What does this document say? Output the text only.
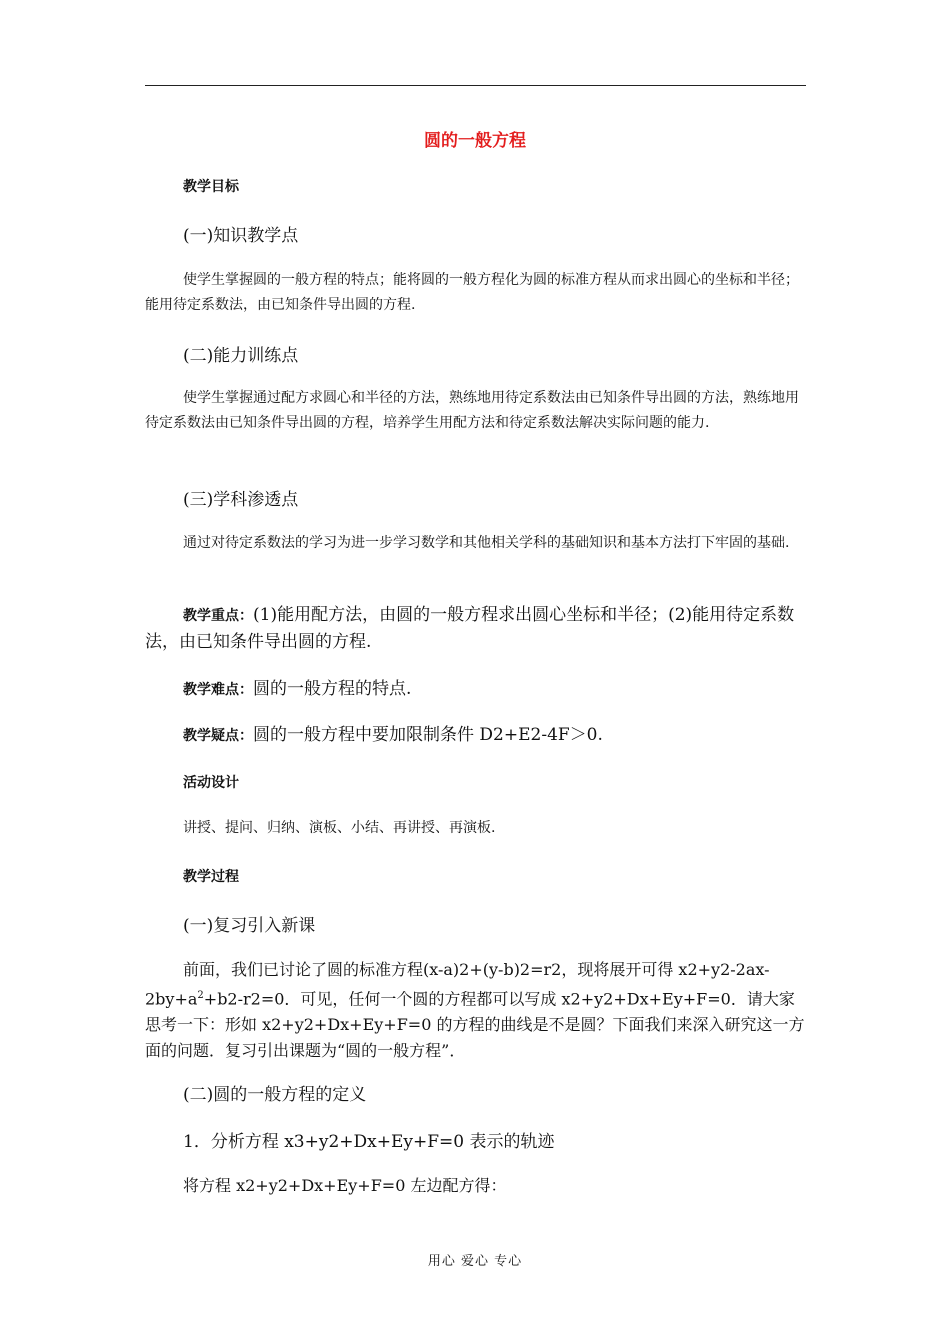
圆的一般方程
教学目标
(一)知识教学点
使学生掌握圆的一般方程的特点；能将圆的一般方程化为圆的标准方程从而求出圆心的坐标和半径；能用待定系数法，由已知条件导出圆的方程.
(二)能力训练点
使学生掌握通过配方求圆心和半径的方法，熟练地用待定系数法由已知条件导出圆的方法，熟练地用待定系数法由已知条件导出圆的方程，培养学生用配方法和待定系数法解决实际问题的能力.
(三)学科渗透点
通过对待定系数法的学习为进一步学习数学和其他相关学科的基础知识和基本方法打下牢固的基础.
教学重点：(1)能用配方法，由圆的一般方程求出圆心坐标和半径；(2)能用待定系数法，由已知条件导出圆的方程.
教学难点：圆的一般方程的特点.
教学疑点：圆的一般方程中要加限制条件 D2+E2-4F＞0.
活动设计
讲授、提问、归纳、演板、小结、再讲授、再演板.
教学过程
(一)复习引入新课
前面，我们已讨论了圆的标准方程(x-a)2+(y-b)2=r2，现将展开可得 $x2+y2-2ax-2by+a^2+b2-r2=0$．可见，任何一个圆的方程都可以写成 x2+y2+Dx+Ey+F=0．请大家思考一下：形如 x2+y2+Dx+Ey+F=0 的方程的曲线是不是圆？下面我们来深入研究这一方面的问题．复习引出课题为“圆的一般方程”．
(二)圆的一般方程的定义
1．分析方程 x3+y2+Dx+Ey+F=0 表示的轨迹
将方程 x2+y2+Dx+Ey+F=0 左边配方得：
用心 爱心 专心
